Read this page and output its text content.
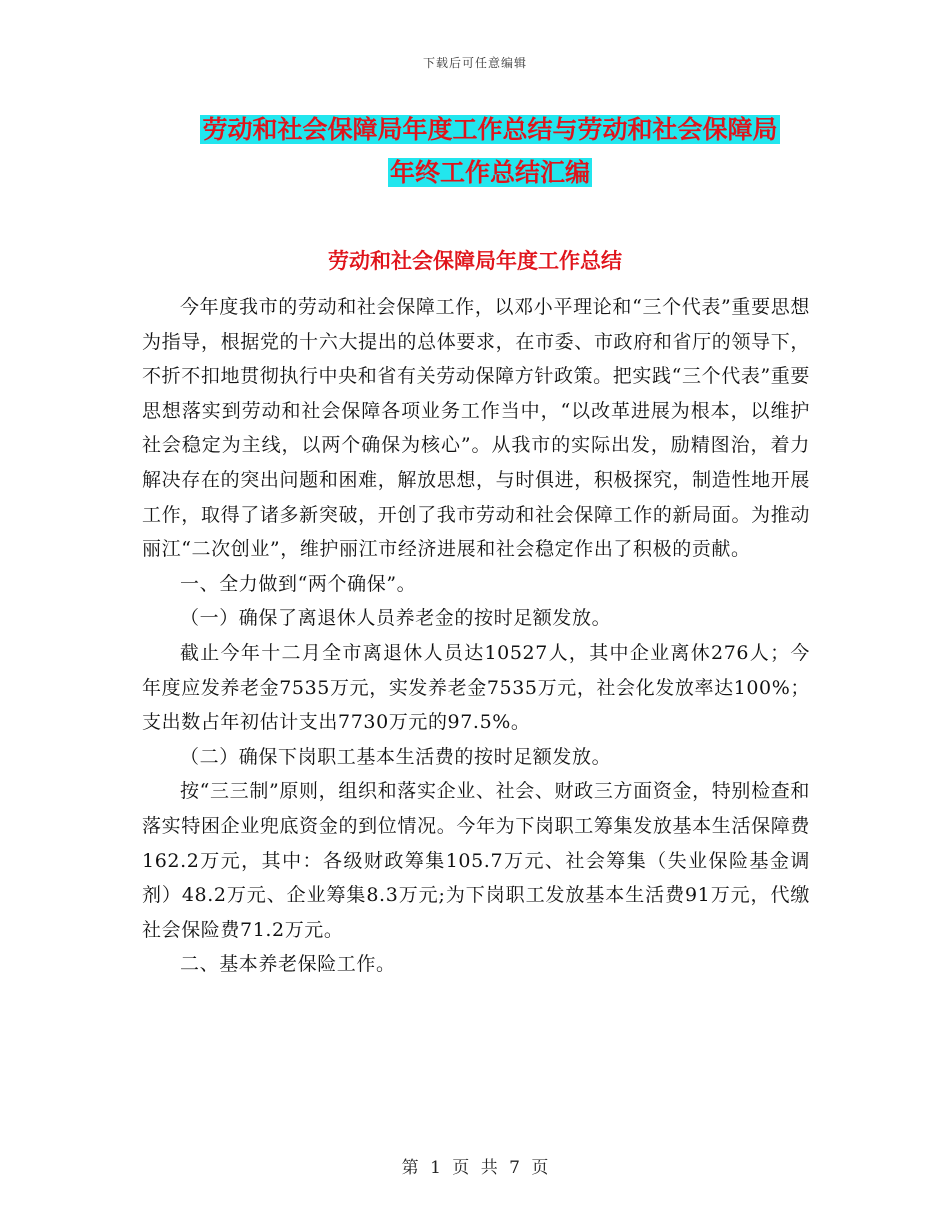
下载后可任意编辑
劳动和社会保障局年度工作总结与劳动和社会保障局
年终工作总结汇编
劳动和社会保障局年度工作总结

今年度我市的劳动和社会保障工作，以邓小平理论和“三个代表”重要思想为指导，根据党的十六大提出的总体要求，在市委、市政府和省厅的领导下，不折不扣地贯彻执行中央和省有关劳动保障方针政策。把实践“三个代表”重要思想落实到劳动和社会保障各项业务工作当中，“以改革进展为根本，以维护社会稳定为主线，以两个确保为核心”。从我市的实际出发，励精图治，着力解决存在的突出问题和困难，解放思想，与时俱进，积极探究，制造性地开展工作，取得了诸多新突破，开创了我市劳动和社会保障工作的新局面。为推动丽江“二次创业”，维护丽江市经济进展和社会稳定作出了积极的贡献。

一、全力做到“两个确保”。

（一）确保了离退休人员养老金的按时足额发放。

截止今年十二月全市离退休人员达10527人，其中企业离休276人；今年度应发养老金7535万元，实发养老金7535万元，社会化发放率达100%；支出数占年初估计支出7730万元的97.5%。

（二）确保下岗职工基本生活费的按时足额发放。

按“三三制”原则，组织和落实企业、社会、财政三方面资金，特别检查和落实特困企业兜底资金的到位情况。今年为下岗职工筹集发放基本生活保障费162.2万元，其中：各级财政筹集105.7万元、社会筹集（失业保险基金调剂）48.2万元、企业筹集8.3万元;为下岗职工发放基本生活费91万元，代缴社会保险费71.2万元。

二、基本养老保险工作。

第 1 页 共 7 页
